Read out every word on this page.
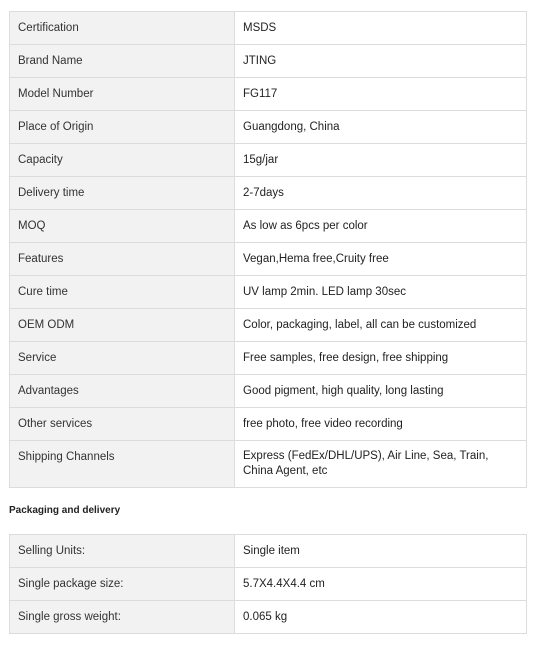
Certification	MSDS
Brand Name	JTING
Model Number	FG117
Place of Origin	Guangdong, China
Capacity	15g/jar
Delivery time	2-7days
MOQ	As low as 6pcs per color
Features	Vegan,Hema free,Cruity free
Cure time	UV lamp 2min. LED lamp 30sec
OEM ODM	Color, packaging, label, all can be customized
Service	Free samples, free design, free shipping
Advantages	Good pigment, high quality, long lasting
Other services	free photo, free video recording
Shipping Channels	Express (FedEx/DHL/UPS), Air Line, Sea, Train, China Agent, etc
Packaging and delivery
Selling Units:	Single item
Single package size:	5.7X4.4X4.4 cm
Single gross weight:	0.065 kg
